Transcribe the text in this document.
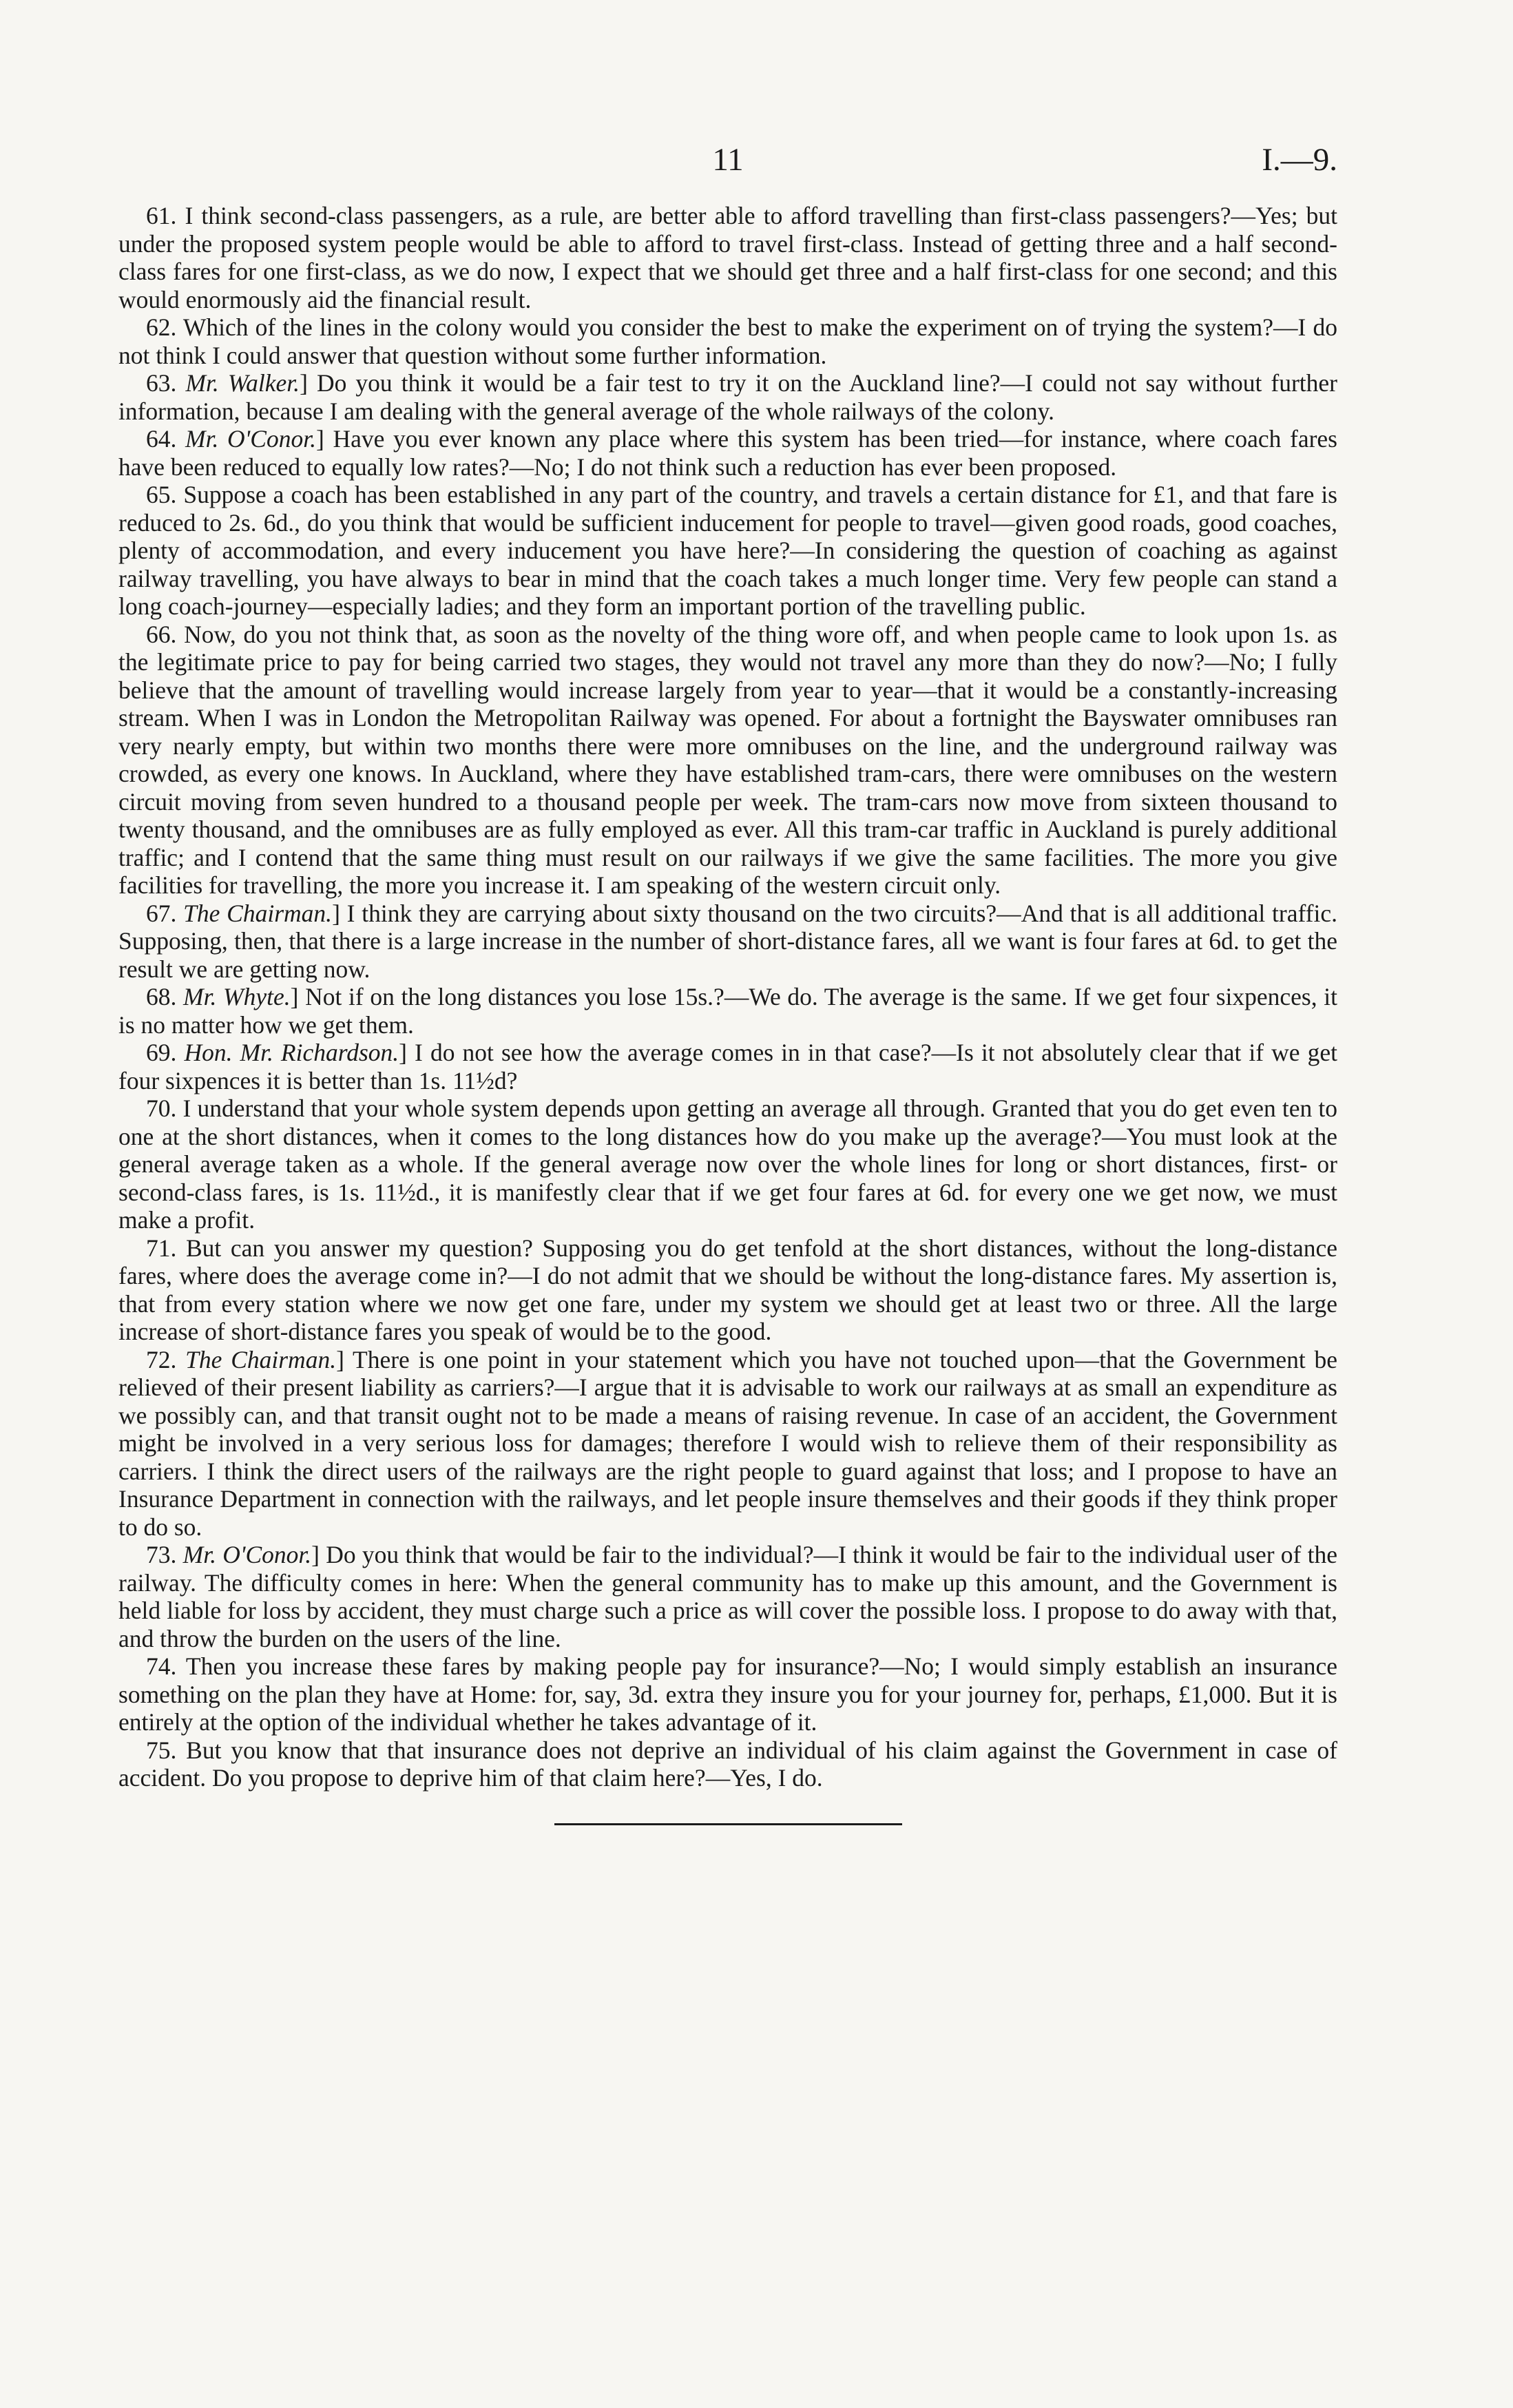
11	I.—9.

61. I think second-class passengers, as a rule, are better able to afford travelling than first-class passengers?—Yes; but under the proposed system people would be able to afford to travel first-class. Instead of getting three and a half second-class fares for one first-class, as we do now, I expect that we should get three and a half first-class for one second; and this would enormously aid the financial result.

62. Which of the lines in the colony would you consider the best to make the experiment on of trying the system?—I do not think I could answer that question without some further information.

63. Mr. Walker.] Do you think it would be a fair test to try it on the Auckland line?—I could not say without further information, because I am dealing with the general average of the whole railways of the colony.

64. Mr. O'Conor.] Have you ever known any place where this system has been tried—for instance, where coach fares have been reduced to equally low rates?—No; I do not think such a reduction has ever been proposed.

65. Suppose a coach has been established in any part of the country, and travels a certain distance for £1, and that fare is reduced to 2s. 6d., do you think that would be sufficient inducement for people to travel—given good roads, good coaches, plenty of accommodation, and every inducement you have here?—In considering the question of coaching as against railway travelling, you have always to bear in mind that the coach takes a much longer time. Very few people can stand a long coach-journey—especially ladies; and they form an important portion of the travelling public.

66. Now, do you not think that, as soon as the novelty of the thing wore off, and when people came to look upon 1s. as the legitimate price to pay for being carried two stages, they would not travel any more than they do now?—No; I fully believe that the amount of travelling would increase largely from year to year—that it would be a constantly-increasing stream. When I was in London the Metropolitan Railway was opened. For about a fortnight the Bayswater omnibuses ran very nearly empty, but within two months there were more omnibuses on the line, and the underground railway was crowded, as every one knows. In Auckland, where they have established tram-cars, there were omnibuses on the western circuit moving from seven hundred to a thousand people per week. The tram-cars now move from sixteen thousand to twenty thousand, and the omnibuses are as fully employed as ever. All this tram-car traffic in Auckland is purely additional traffic; and I contend that the same thing must result on our railways if we give the same facilities. The more you give facilities for travelling, the more you increase it. I am speaking of the western circuit only.

67. The Chairman.] I think they are carrying about sixty thousand on the two circuits?—And that is all additional traffic. Supposing, then, that there is a large increase in the number of short-distance fares, all we want is four fares at 6d. to get the result we are getting now.

68. Mr. Whyte.] Not if on the long distances you lose 15s.?—We do. The average is the same. If we get four sixpences, it is no matter how we get them.

69. Hon. Mr. Richardson.] I do not see how the average comes in in that case?—Is it not absolutely clear that if we get four sixpences it is better than 1s. 11½d?

70. I understand that your whole system depends upon getting an average all through. Granted that you do get even ten to one at the short distances, when it comes to the long distances how do you make up the average?—You must look at the general average taken as a whole. If the general average now over the whole lines for long or short distances, first- or second-class fares, is 1s. 11½d., it is manifestly clear that if we get four fares at 6d. for every one we get now, we must make a profit.

71. But can you answer my question? Supposing you do get tenfold at the short distances, without the long-distance fares, where does the average come in?—I do not admit that we should be without the long-distance fares. My assertion is, that from every station where we now get one fare, under my system we should get at least two or three. All the large increase of short-distance fares you speak of would be to the good.

72. The Chairman.] There is one point in your statement which you have not touched upon—that the Government be relieved of their present liability as carriers?—I argue that it is advisable to work our railways at as small an expenditure as we possibly can, and that transit ought not to be made a means of raising revenue. In case of an accident, the Government might be involved in a very serious loss for damages; therefore I would wish to relieve them of their responsibility as carriers. I think the direct users of the railways are the right people to guard against that loss; and I propose to have an Insurance Department in connection with the railways, and let people insure themselves and their goods if they think proper to do so.

73. Mr. O'Conor.] Do you think that would be fair to the individual?—I think it would be fair to the individual user of the railway. The difficulty comes in here: When the general community has to make up this amount, and the Government is held liable for loss by accident, they must charge such a price as will cover the possible loss. I propose to do away with that, and throw the burden on the users of the line.

74. Then you increase these fares by making people pay for insurance?—No; I would simply establish an insurance something on the plan they have at Home: for, say, 3d. extra they insure you for your journey for, perhaps, £1,000. But it is entirely at the option of the individual whether he takes advantage of it.

75. But you know that that insurance does not deprive an individual of his claim against the Government in case of accident. Do you propose to deprive him of that claim here?—Yes, I do.
